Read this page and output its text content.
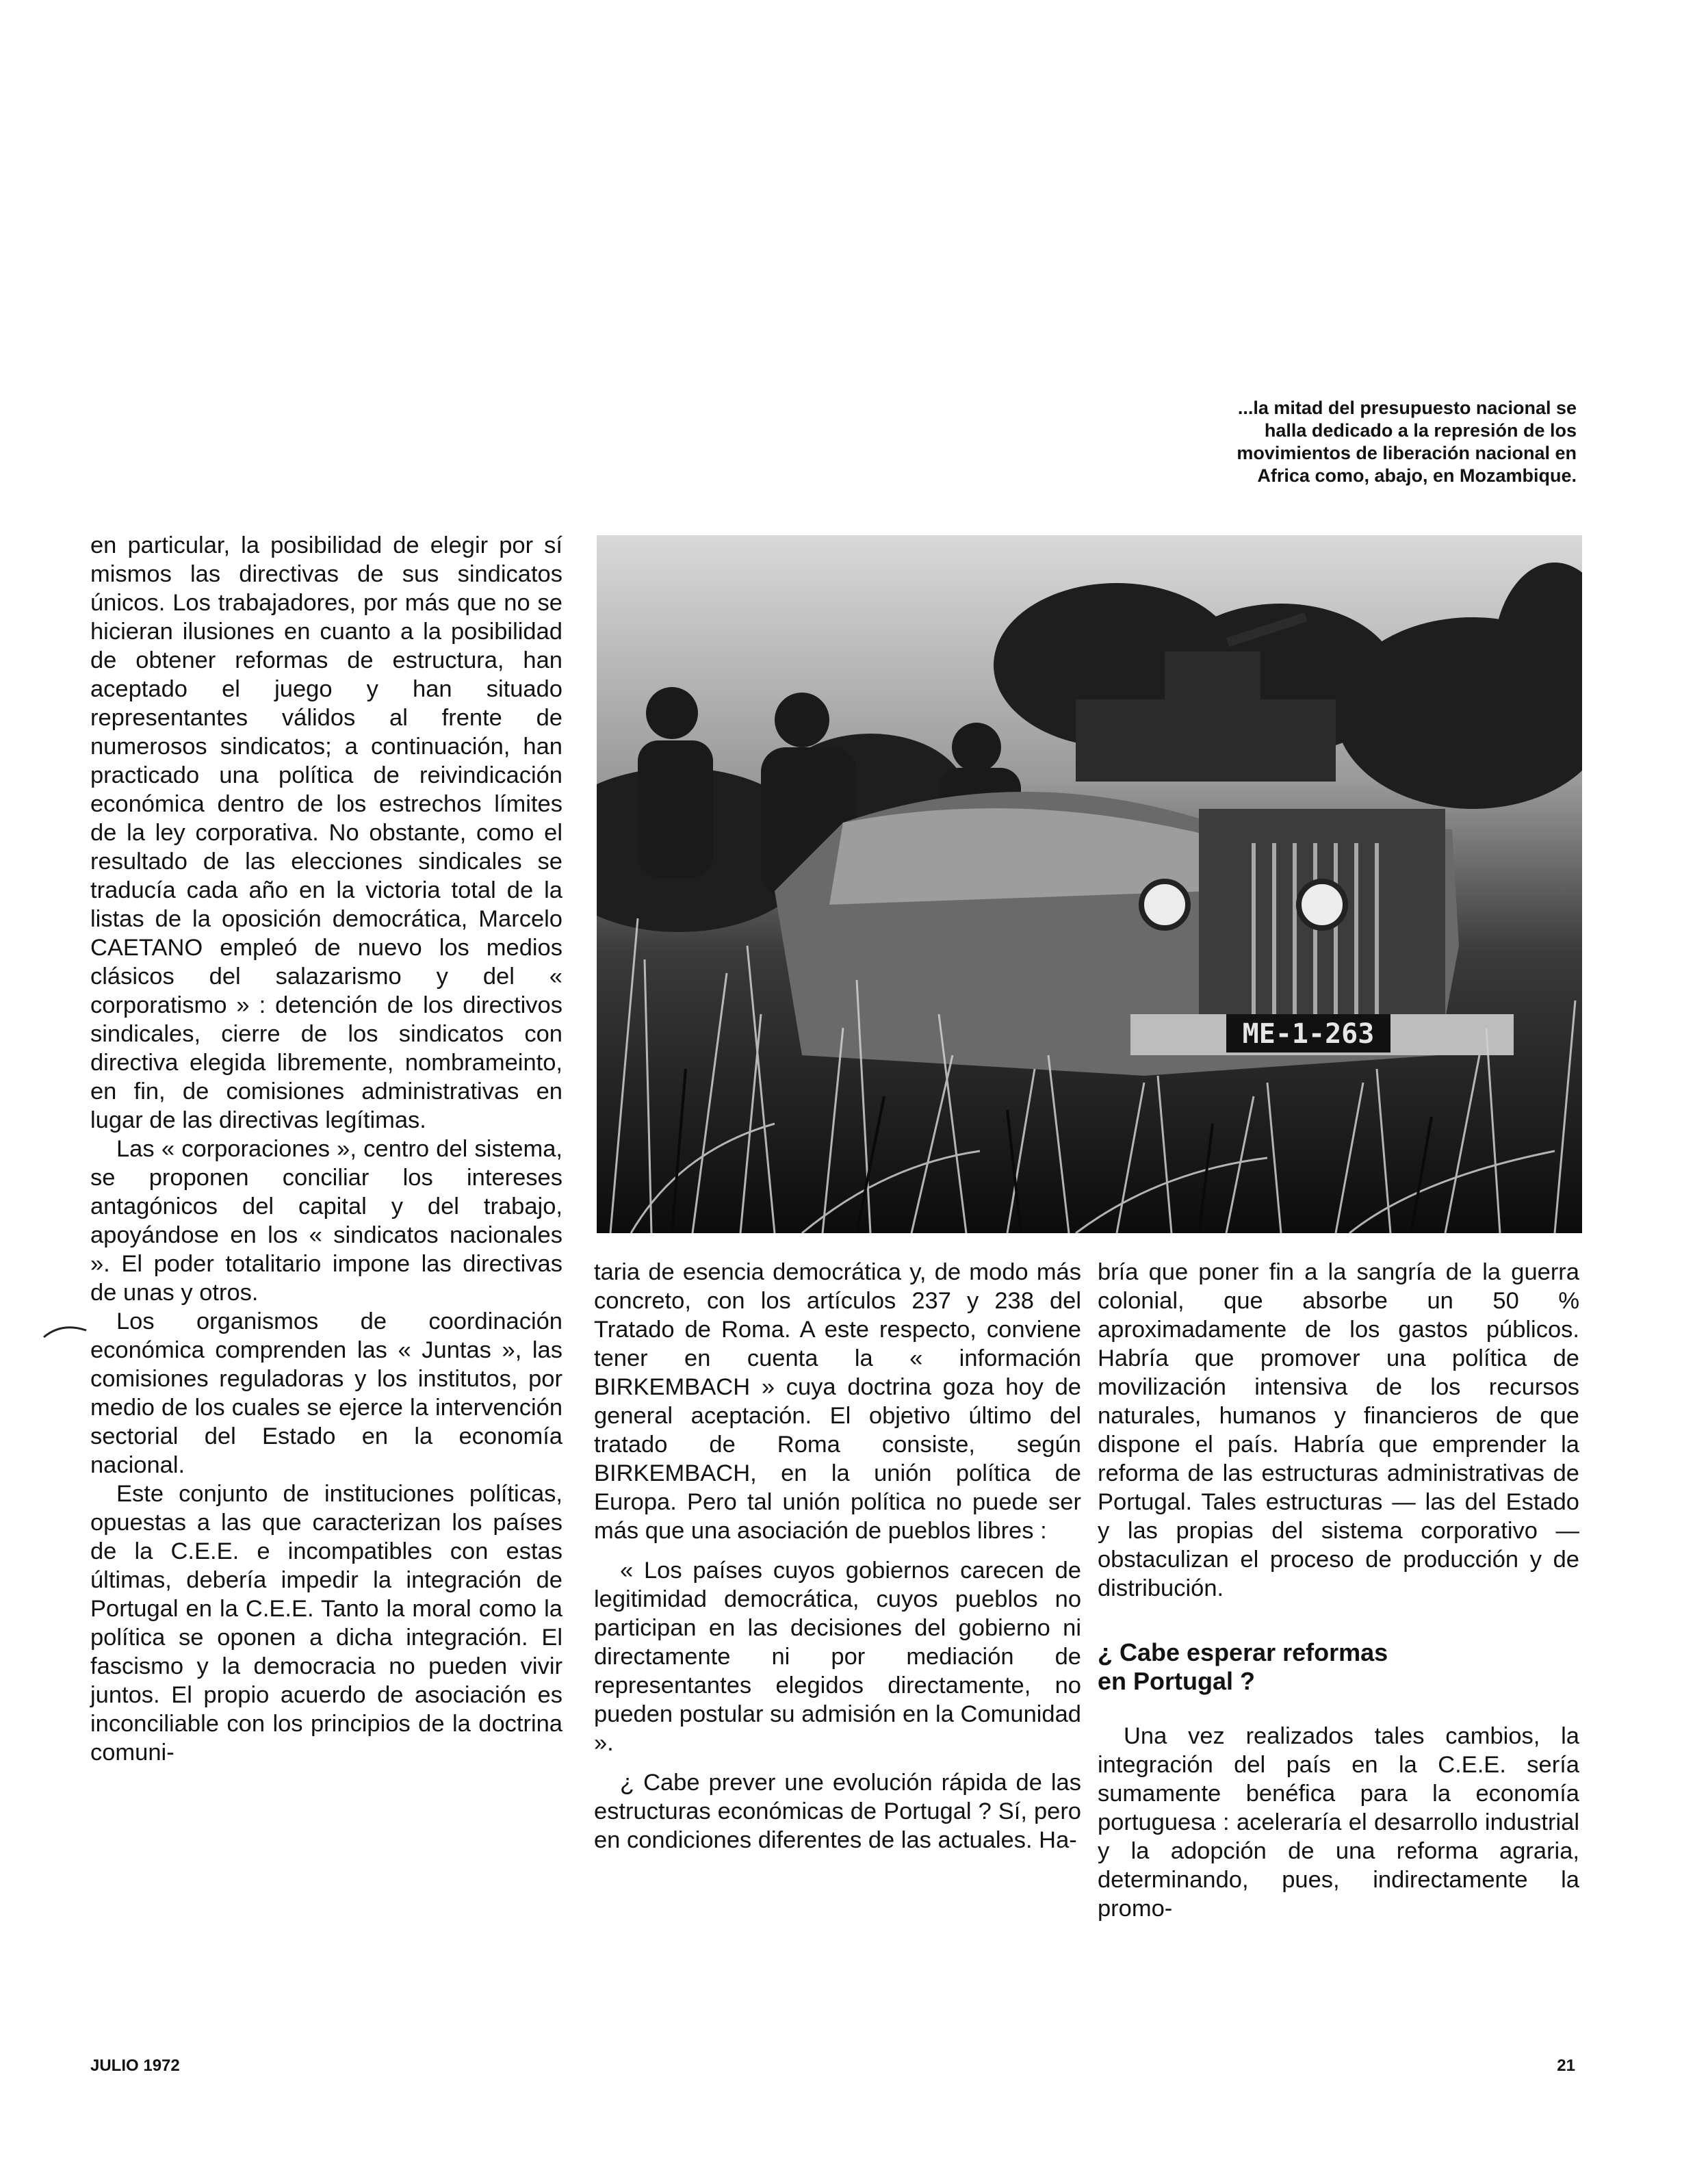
...la mitad del presupuesto nacional se
halla dedicado a la represión de los
movimientos de liberación nacional en
Africa como, abajo, en Mozambique.
ME-1-263

en particular, la posibilidad de elegir por sí mismos las directivas de sus sindicatos únicos. Los trabajadores, por más que no se hicieran ilusiones en cuanto a la posibilidad de obtener reformas de estructura, han aceptado el juego y han situado representantes válidos al frente de numerosos sindicatos; a continuación, han practicado una política de reivindicación económica dentro de los estrechos límites de la ley corporativa. No obstante, como el resultado de las elecciones sindicales se traducía cada año en la victoria total de la listas de la oposición democrática, Marcelo CAETANO empleó de nuevo los medios clásicos del salazarismo y del « corporatismo » : detención de los directivos sindicales, cierre de los sindicatos con directiva elegida libremente, nombrameinto, en fin, de comisiones administrativas en lugar de las directivas legítimas.

Las « corporaciones », centro del sistema, se proponen conciliar los intereses antagónicos del capital y del trabajo, apoyándose en los « sindicatos nacionales ». El poder totalitario impone las directivas de unas y otros.

Los organismos de coordinación económica comprenden las « Juntas », las comisiones reguladoras y los institutos, por medio de los cuales se ejerce la intervención sectorial del Estado en la economía nacional.

Este conjunto de instituciones políticas, opuestas a las que caracterizan los países de la C.E.E. e incompatibles con estas últimas, debería impedir la integración de Portugal en la C.E.E. Tanto la moral como la política se oponen a dicha integración. El fascismo y la democracia no pueden vivir juntos. El propio acuerdo de asociación es inconciliable con los principios de la doctrina comuni-

taria de esencia democrática y, de modo más concreto, con los artículos 237 y 238 del Tratado de Roma. A este respecto, conviene tener en cuenta la « información BIRKEMBACH » cuya doctrina goza hoy de general aceptación. El objetivo último del tratado de Roma consiste, según BIRKEMBACH, en la unión política de Europa. Pero tal unión política no puede ser más que una asociación de pueblos libres :

« Los países cuyos gobiernos carecen de legitimidad democrática, cuyos pueblos no participan en las decisiones del gobierno ni directamente ni por mediación de representantes elegidos directamente, no pueden postular su admisión en la Comunidad ».

¿ Cabe prever une evolución rápida de las estructuras económicas de Portugal ? Sí, pero en condiciones diferentes de las actuales. Ha-

bría que poner fin a la sangría de la guerra colonial, que absorbe un 50 % aproximadamente de los gastos públicos. Habría que promover una política de movilización intensiva de los recursos naturales, humanos y financieros de que dispone el país. Habría que emprender la reforma de las estructuras administrativas de Portugal. Tales estructuras — las del Estado y las propias del sistema corporativo — obstaculizan el proceso de producción y de distribución.

¿ Cabe esperar reformas
en Portugal ?

Una vez realizados tales cambios, la integración del país en la C.E.E. sería sumamente benéfica para la economía portuguesa : aceleraría el desarrollo industrial y la adopción de una reforma agraria, determinando, pues, indirectamente la promo-

JULIO 1972	21
